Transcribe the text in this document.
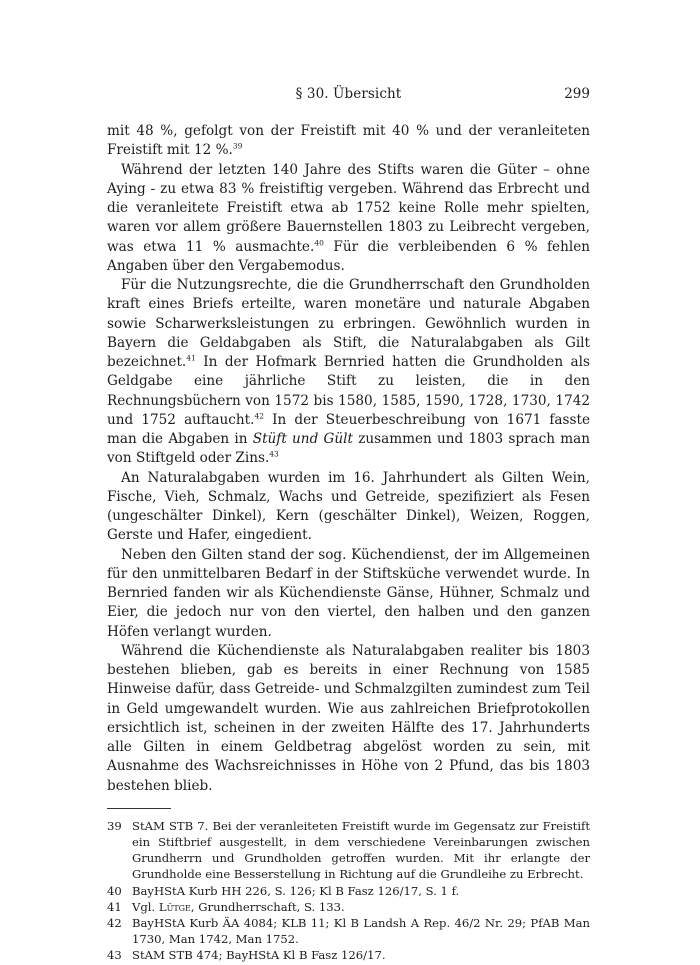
§ 30. Übersicht	299

mit 48 %, gefolgt von der Freistift mit 40 % und der veranleiteten Freistift mit 12 %.$^{39}$

Während der letzten 140 Jahre des Stifts waren die Güter – ohne Aying - zu etwa 83 % freistiftig vergeben. Während das Erbrecht und die veranleitete Freistift etwa ab 1752 keine Rolle mehr spielten, waren vor allem größere Bauernstellen 1803 zu Leibrecht vergeben, was etwa 11 % ausmachte.$^{40}$ Für die verbleibenden 6 % fehlen Angaben über den Vergabemodus.

Für die Nutzungsrechte, die die Grundherrschaft den Grundholden kraft eines Briefs erteilte, waren monetäre und naturale Abgaben sowie Scharwerksleistungen zu erbringen. Gewöhnlich wurden in Bayern die Geldabgaben als Stift, die Naturalabgaben als Gilt bezeichnet.$^{41}$ In der Hofmark Bernried hatten die Grundholden als Geldgabe eine jährliche Stift zu leisten, die in den Rechnungsbüchern von 1572 bis 1580, 1585, 1590, 1728, 1730, 1742 und 1752 auftaucht.$^{42}$ In der Steuerbeschreibung von 1671 fasste man die Abgaben in Stüft und Gült zusammen und 1803 sprach man von Stiftgeld oder Zins.$^{43}$

An Naturalabgaben wurden im 16. Jahrhundert als Gilten Wein, Fische, Vieh, Schmalz, Wachs und Getreide, spezifiziert als Fesen (ungeschälter Dinkel), Kern (geschälter Dinkel), Weizen, Roggen, Gerste und Hafer, eingedient.

Neben den Gilten stand der sog. Küchendienst, der im Allgemeinen für den unmittelbaren Bedarf in der Stiftsküche verwendet wurde. In Bernried fanden wir als Küchendienste Gänse, Hühner, Schmalz und Eier, die jedoch nur von den viertel, den halben und den ganzen Höfen verlangt wurden.

Während die Küchendienste als Naturalabgaben realiter bis 1803 bestehen blieben, gab es bereits in einer Rechnung von 1585 Hinweise dafür, dass Getreide- und Schmalzgilten zumindest zum Teil in Geld umgewandelt wurden. Wie aus zahlreichen Briefprotokollen ersichtlich ist, scheinen in der zweiten Hälfte des 17. Jahrhunderts alle Gilten in einem Geldbetrag abgelöst worden zu sein, mit Ausnahme des Wachsreichnisses in Höhe von 2 Pfund, das bis 1803 bestehen blieb.

39 StAM STB 7. Bei der veranleiteten Freistift wurde im Gegensatz zur Freistift ein Stiftbrief ausgestellt, in dem verschiedene Vereinbarungen zwischen Grundherrn und Grundholden getroffen wurden. Mit ihr erlangte der Grundholde eine Besserstellung in Richtung auf die Grundleihe zu Erbrecht.
40 BayHStA Kurb HH 226, S. 126; Kl B Fasz 126/17, S. 1 f.
41 Vgl. Lütge, Grundherrschaft, S. 133.
42 BayHStA Kurb ÄA 4084; KLB 11; Kl B Landsh A Rep. 46/2 Nr. 29; PfAB Man 1730, Man 1742, Man 1752.
43 StAM STB 474; BayHStA Kl B Fasz 126/17.
